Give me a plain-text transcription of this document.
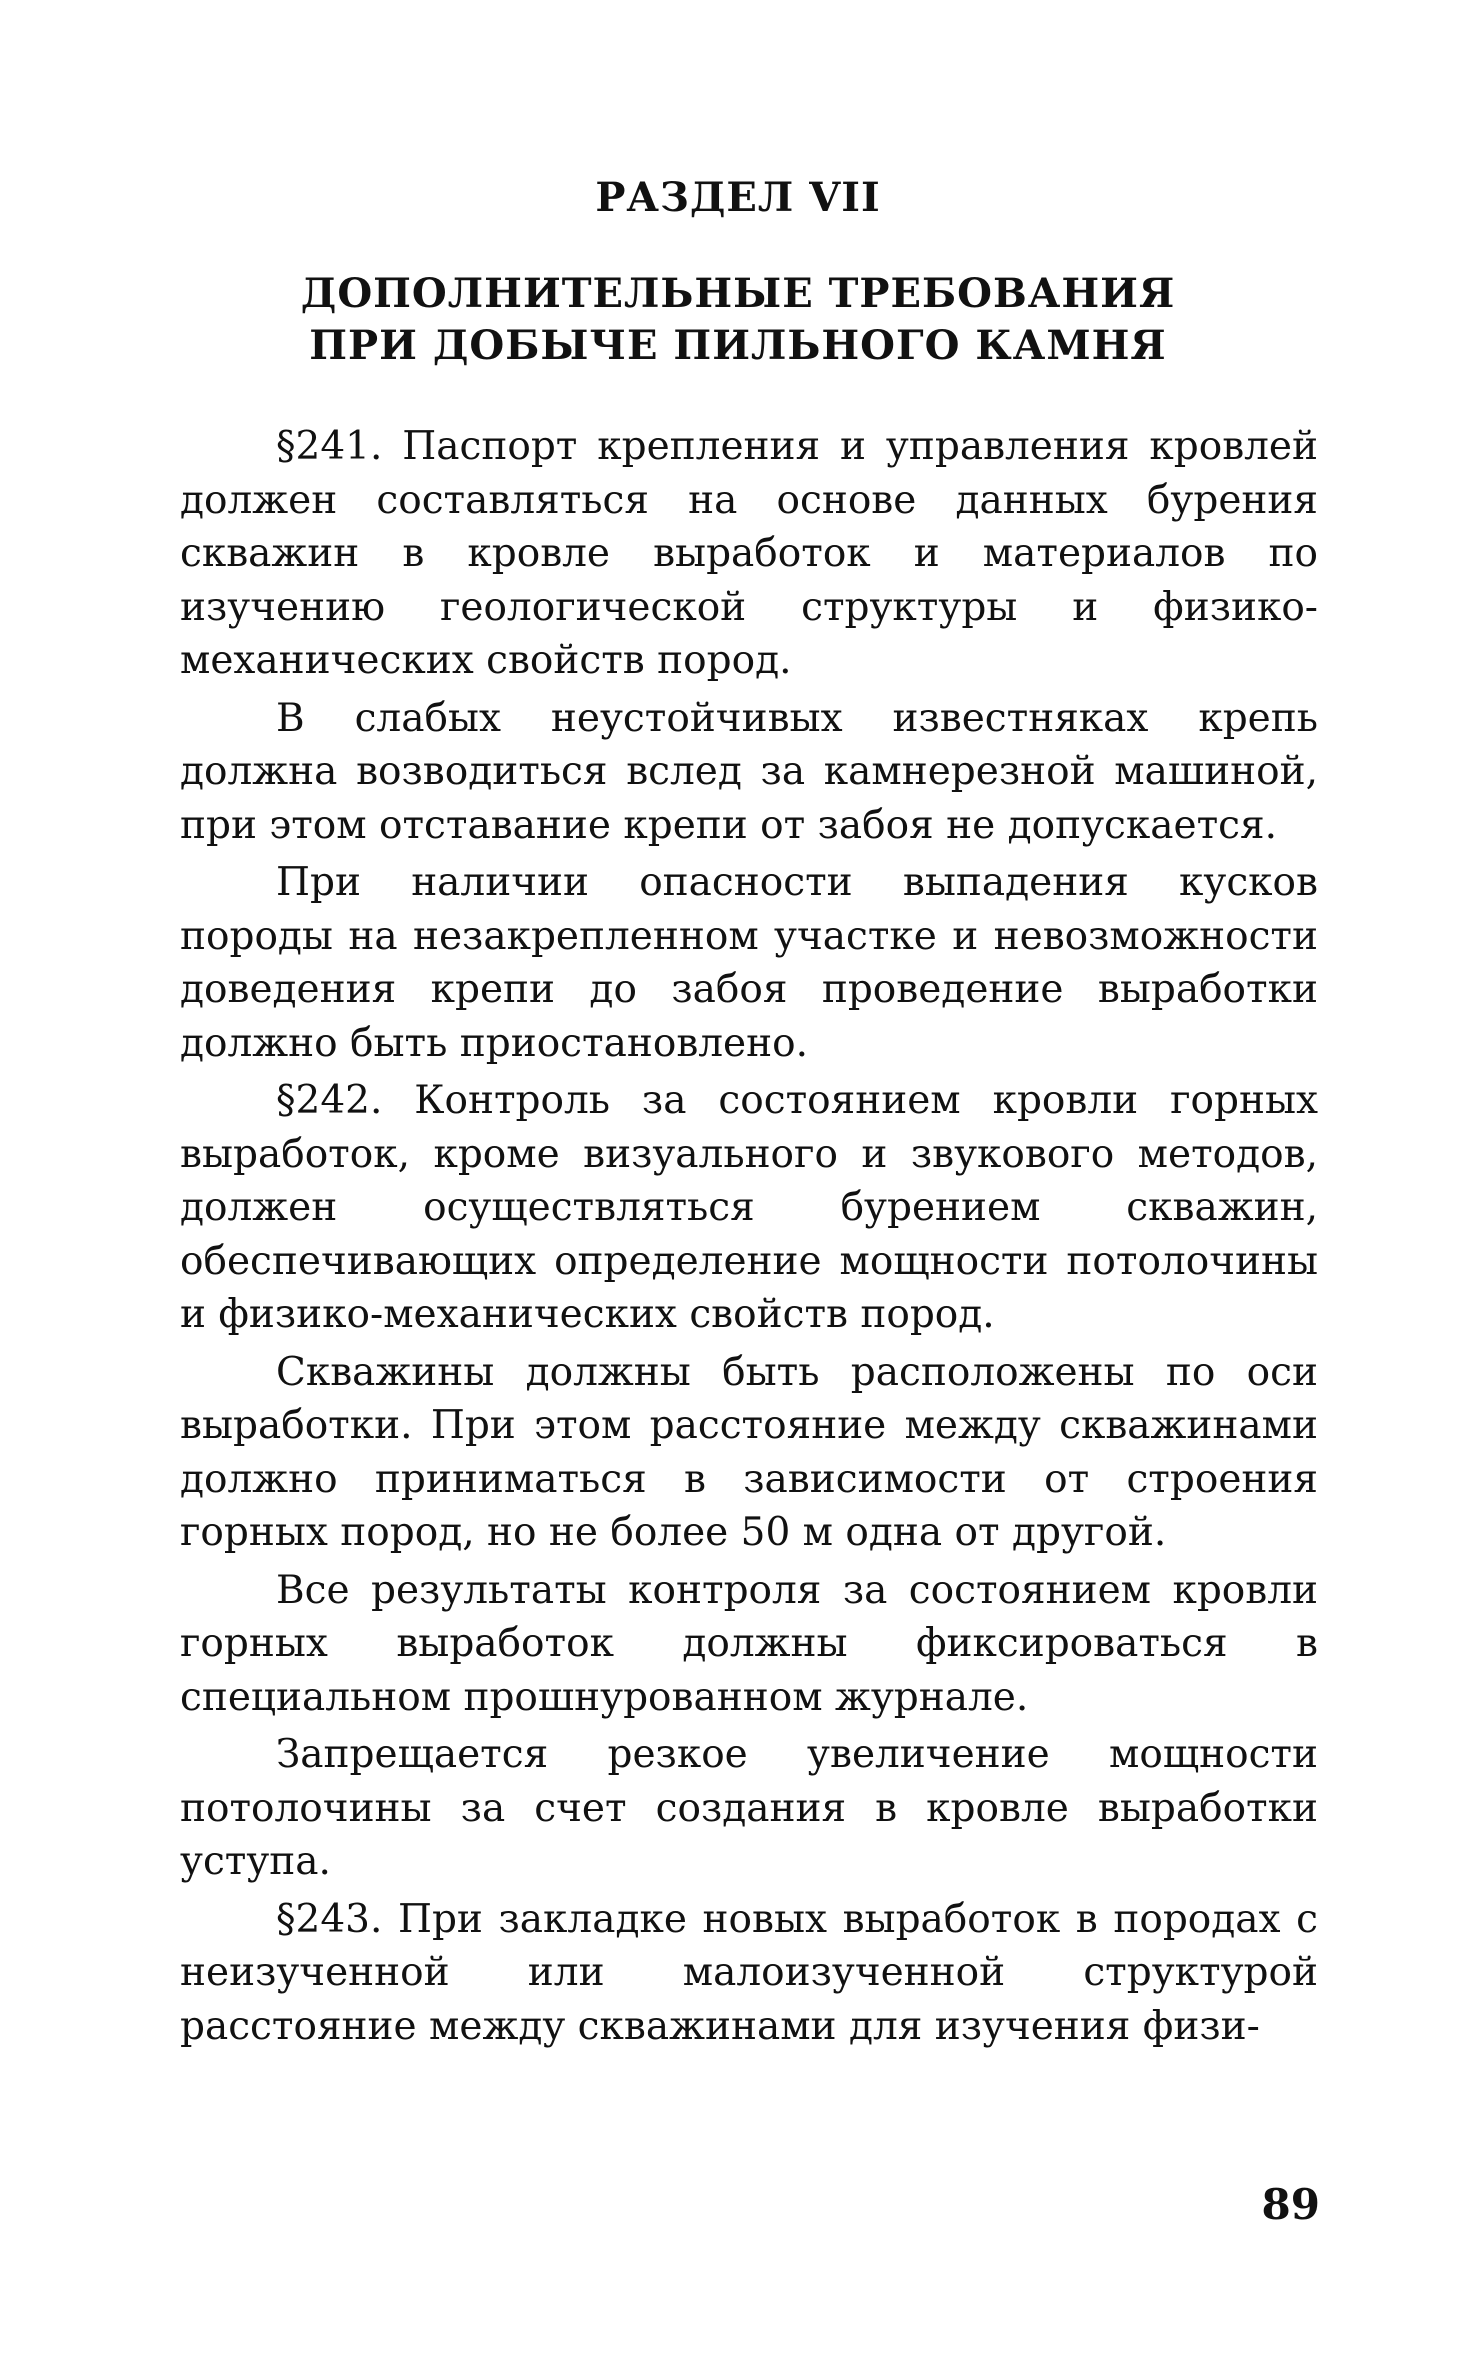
РАЗДЕЛ VII
ДОПОЛНИТЕЛЬНЫЕ ТРЕБОВАНИЯ
ПРИ ДОБЫЧЕ ПИЛЬНОГО КАМНЯ

§241. Паспорт крепления и управления кровлей должен составляться на основе данных бурения скважин в кровле выработок и материалов по изучению геологической структуры и физико-механических свойств пород.

В слабых неустойчивых известняках крепь должна возводиться вслед за камнерезной машиной, при этом отставание крепи от забоя не допускается.

При наличии опасности выпадения кусков породы на незакрепленном участке и невозможности доведения крепи до забоя проведение выработки должно быть приостановлено.

§242. Контроль за состоянием кровли горных выработок, кроме визуального и звукового методов, должен осуществляться бурением скважин, обеспечивающих определение мощности потолочины и физико-механических свойств пород.

Скважины должны быть расположены по оси выработки. При этом расстояние между скважинами должно приниматься в зависимости от строения горных пород, но не более 50 м одна от другой.

Все результаты контроля за состоянием кровли горных выработок должны фиксироваться в специальном прошнурованном журнале.

Запрещается резкое увеличение мощности потолочины за счет создания в кровле выработки уступа.

§243. При закладке новых выработок в породах с неизученной или малоизученной структурой расстояние между скважинами для изучения физи-

89
